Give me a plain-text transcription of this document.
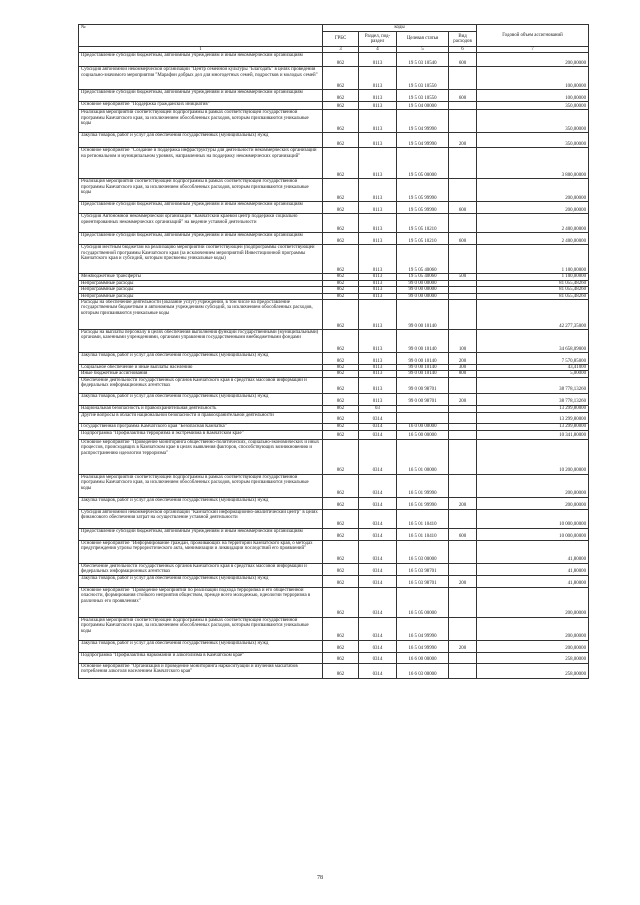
№	коды				Годовой объем ассигнований
	ГРБС	Раздел, под-раздел	Целевая статья	Вид расходов	
1	3	4	5	6	7
Предоставление субсидий бюджетным, автономным учреждениям и иным некоммерческим организациям	862	0113	19 5 03 10540	600	200,00000
Субсидия автономной некоммерческой организации "Центр семейной культуры "Благодать" в целях проведения социально-значимого мероприятия "Марафон добрых дел для многодетных семей, подростков и молодых семей"	862	0113	19 5 03 10550		100,00000
Предоставление субсидий бюджетным, автономным учреждениям и иным некоммерческим организациям	862	0113	19 5 03 10550	600	100,00000
Основное мероприятие "Поддержка гражданских инициатив"	862	0113	19 5 04 00000		350,00000
Реализация мероприятий соответствующей подпрограммы в рамках соответствующей государственной программы Камчатского края, за исключением обособленных расходов, которым присваиваются уникальные коды	862	0113	19 5 04 99990		350,00000
Закупка товаров, работ и услуг для обеспечения государственных (муниципальных) нужд	862	0113	19 5 04 99990	200	350,00000
Основное мероприятие "Создание и поддержка инфраструктуры для деятельности некоммерческих организаций на региональном и муниципальном уровнях, направленных на поддержку некоммерческих организаций"	862	0113	19 5 05 00000		3 800,00000
Реализация мероприятий соответствующей подпрограммы в рамках соответствующей государственной программы Камчатского края, за исключением обособленных расходов, которым присваиваются уникальные коды	862	0113	19 5 05 99990		200,00000
Предоставление субсидий бюджетным, автономным учреждениям и иным некоммерческим организациям	862	0113	19 5 05 99990	600	200,00000
Субсидия Автономной некоммерческой организации "Камчатский краевой центр поддержки социально ориентированных некоммерческих организаций" на ведение уставной деятельности	862	0113	19 5 05 10210		2 400,00000
Предоставление субсидий бюджетным, автономным учреждениям и иным некоммерческим организациям	862	0113	19 5 05 10210	600	2 400,00000
Субсидия местным бюджетам на реализацию мероприятий соответствующей (подпрограммы соответствующей государственной программы Камчатского края (за исключением мероприятий Инвестиционной программы Камчатского края и субсидий, которым присвоены уникальные коды)	862	0113	19 5 05 40060		1 100,00000
Межбюджетные трансферты	862	0113	19 5 05 40060	500	1 100,00000
Непрограммные расходы	862	0113	99 0 00 00000		81 055,48260
Непрограммные расходы	862	0113	99 0 00 00000		81 055,48260
Непрограммные расходы	862	0113	99 0 00 00000		81 055,48260
Расходы на обеспечение деятельности (оказание услуг) учреждений, в том числе на предоставление государственным бюджетным и автономным учреждениям субсидий, за исключением обособленных расходов, которым присваиваются уникальные коды	862	0113	99 0 00 10140		42 277,35000
Расходы на выплаты персоналу в целях обеспечения выполнения функций государственными (муниципальными) органами, казенными учреждениями, органами управления государственными внебюджетными фондами	862	0113	99 0 00 10140	100	34 658,09000
Закупка товаров, работ и услуг для обеспечения государственных (муниципальных) нужд	862	0113	99 0 00 10140	200	7 570,85000
Социальное обеспечение и иные выплаты населению	862	0113	99 0 00 10140	300	43,41000
Иные бюджетные ассигнования	862	0113	99 0 00 10140	800	5,00000
Обеспечение деятельности государственных органов Камчатского края в средствах массовой информации и федеральных информационных агентствах	862	0113	99 0 00 98701		38 778,13260
Закупка товаров, работ и услуг для обеспечения государственных (муниципальных) нужд	862	0113	99 0 00 98701	200	38 778,13260
Национальная безопасность и правоохранительная деятельность	862	03			13 299,80000
Другие вопросы в области национальной безопасности и правоохранительной деятельности	862	0314			13 299,80000
Государственная программа Камчатского края "Безопасная Камчатка"	862	0314	16 0 00 00000		13 299,80000
Подпрограмма "Профилактика терроризма и экстремизма в Камчатском крае"	862	0314	16 5 00 00000		10 341,80000
Основное мероприятие "Проведение мониторинга общественно-политических, социально-экономических и иных процессов, происходящих в Камчатском крае в целях выявления факторов, способствующих возникновению и распространению идеологии терроризма"	862	0314	16 5 01 00000		10 200,00000
Реализация мероприятий соответствующей подпрограммы в рамках соответствующей государственной программы Камчатского края, за исключением обособленных расходов, которым присваиваются уникальные коды	862	0314	16 5 01 99990		200,00000
Закупка товаров, работ и услуг для обеспечения государственных (муниципальных) нужд	862	0314	16 5 01 99990	200	200,00000
Субсидия автономной некоммерческой организации "Камчатский информационно-аналитический центр" в целях финансового обеспечения затрат на осуществление уставной деятельности	862	0314	16 5 01 10410		10 000,00000
Предоставление субсидий бюджетным, автономным учреждениям и иным некоммерческим организациям	862	0314	16 5 01 10410	600	10 000,00000
Основное мероприятие "Информирование граждан, проживающих на территории Камчатского края, о методах предупреждения угрозы террористического акта, минимизации и ликвидации последствий его проявлений"	862	0314	16 5 03 00000		41,80000
Обеспечение деятельности государственных органов Камчатского края в средствах массовой информации и федеральных информационных агентствах	862	0314	16 5 03 98701		41,80000
Закупка товаров, работ и услуг для обеспечения государственных (муниципальных) нужд	862	0314	16 5 03 98701	200	41,80000
Основное мероприятие "Проведение мероприятий по реализации подхода терроризма и его общественной опасности, формирования стойкого неприятия обществом, прежде всего молодежью, идеологии терроризма в различных его проявлениях"	862	0314	16 5 05 00000		200,00000
Реализация мероприятий соответствующей подпрограммы в рамках соответствующей государственной программы Камчатского края, за исключением обособленных расходов, которым присваиваются уникальные коды	862	0314	16 5 04 99990		200,00000
Закупка товаров, работ и услуг для обеспечения государственных (муниципальных) нужд	862	0314	16 5 04 99990	200	200,00000
Подпрограмма "Профилактика наркомании и алкоголизма в Камчатском крае"	862	0314	16 6 00 00000		258,00000
Основное мероприятие "Организация и проведение мониторинга наркоситуации и изучения масштабов потребления алкоголя населением Камчатского края"	862	0314	16 6 03 00000		258,00000
78
